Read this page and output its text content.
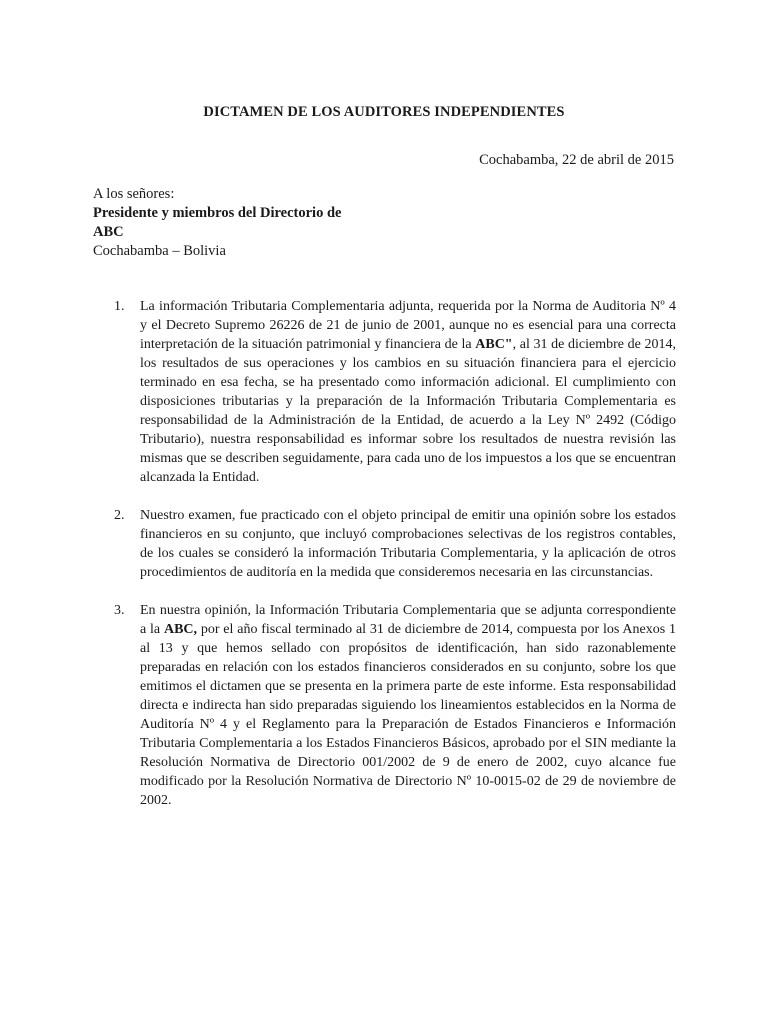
DICTAMEN DE LOS AUDITORES INDEPENDIENTES
Cochabamba, 22 de abril de 2015
A los señores:
Presidente y miembros del Directorio de
ABC
Cochabamba – Bolivia
1. La información Tributaria Complementaria adjunta, requerida por la Norma de Auditoria Nº 4 y el Decreto Supremo 26226 de 21 de junio de 2001, aunque no es esencial para una correcta interpretación de la situación patrimonial y financiera de la ABC", al 31 de diciembre de 2014, los resultados de sus operaciones y los cambios en su situación financiera para el ejercicio terminado en esa fecha, se ha presentado como información adicional. El cumplimiento con disposiciones tributarias y la preparación de la Información Tributaria Complementaria es responsabilidad de la Administración de la Entidad, de acuerdo a la Ley Nº 2492 (Código Tributario), nuestra responsabilidad es informar sobre los resultados de nuestra revisión las mismas que se describen seguidamente, para cada uno de los impuestos a los que se encuentran alcanzada la Entidad.

2. Nuestro examen, fue practicado con el objeto principal de emitir una opinión sobre los estados financieros en su conjunto, que incluyó comprobaciones selectivas de los registros contables, de los cuales se consideró la información Tributaria Complementaria, y la aplicación de otros procedimientos de auditoría en la medida que consideremos necesaria en las circunstancias.

3. En nuestra opinión, la Información Tributaria Complementaria que se adjunta correspondiente a la ABC, por el año fiscal terminado al 31 de diciembre de 2014, compuesta por los Anexos 1 al 13 y que hemos sellado con propósitos de identificación, han sido razonablemente preparadas en relación con los estados financieros considerados en su conjunto, sobre los que emitimos el dictamen que se presenta en la primera parte de este informe. Esta responsabilidad directa e indirecta han sido preparadas siguiendo los lineamientos establecidos en la Norma de Auditoría Nº 4 y el Reglamento para la Preparación de Estados Financieros e Información Tributaria Complementaria a los Estados Financieros Básicos, aprobado por el SIN mediante la Resolución Normativa de Directorio 001/2002 de 9 de enero de 2002, cuyo alcance fue modificado por la Resolución Normativa de Directorio Nº 10-0015-02 de 29 de noviembre de 2002.
